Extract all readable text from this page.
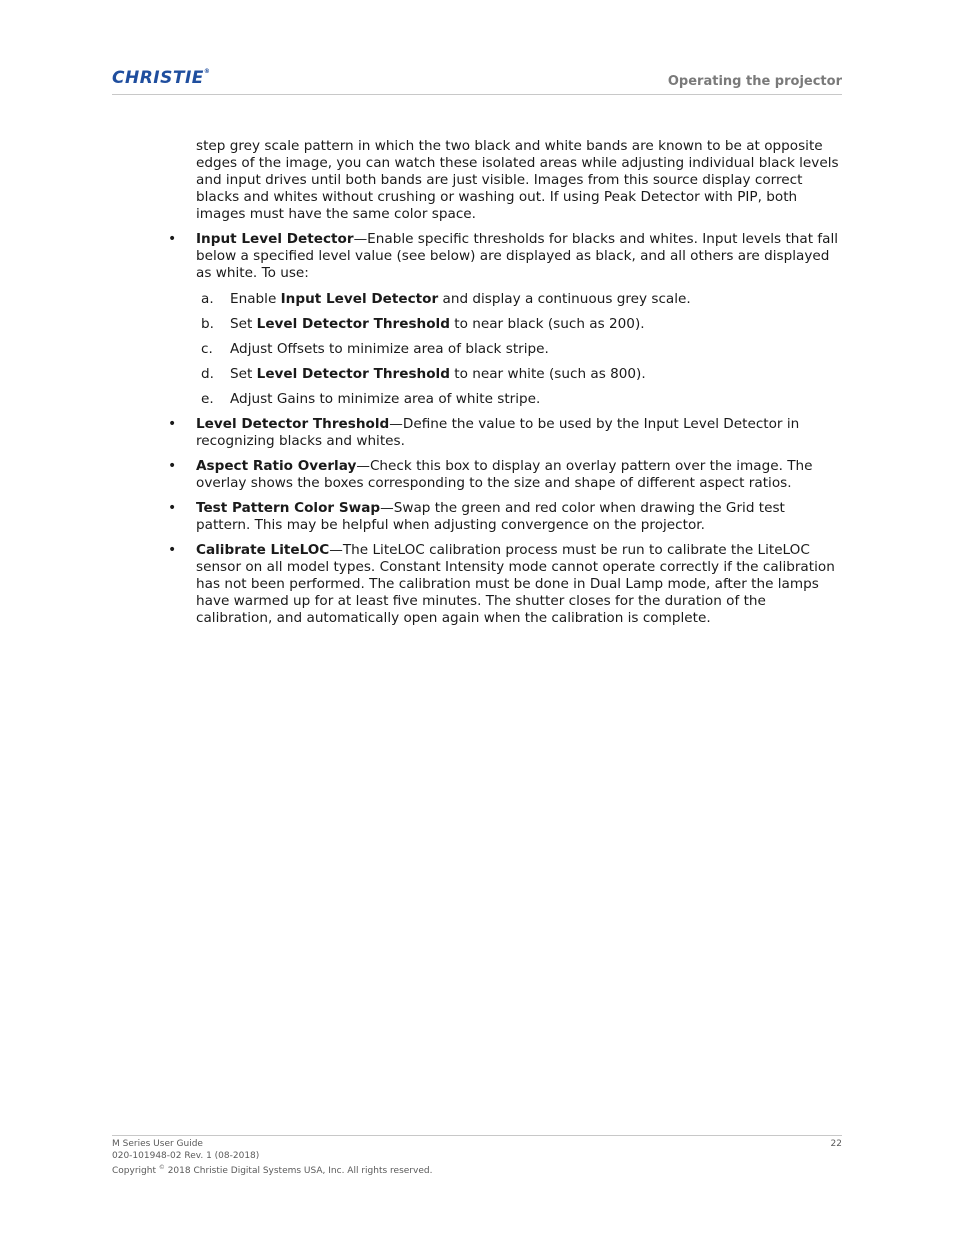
CHRISTIE®
Operating the projector

step grey scale pattern in which the two black and white bands are known to be at opposite edges of the image, you can watch these isolated areas while adjusting individual black levels and input drives until both bands are just visible. Images from this source display correct blacks and whites without crushing or washing out. If using Peak Detector with PIP, both images must have the same color space.

• Input Level Detector—Enable specific thresholds for blacks and whites. Input levels that fall below a specified level value (see below) are displayed as black, and all others are displayed as white. To use:
a. Enable Input Level Detector and display a continuous grey scale.
b. Set Level Detector Threshold to near black (such as 200).
c. Adjust Offsets to minimize area of black stripe.
d. Set Level Detector Threshold to near white (such as 800).
e. Adjust Gains to minimize area of white stripe.
• Level Detector Threshold—Define the value to be used by the Input Level Detector in recognizing blacks and whites.
• Aspect Ratio Overlay—Check this box to display an overlay pattern over the image. The overlay shows the boxes corresponding to the size and shape of different aspect ratios.
• Test Pattern Color Swap—Swap the green and red color when drawing the Grid test pattern. This may be helpful when adjusting convergence on the projector.
• Calibrate LiteLOC—The LiteLOC calibration process must be run to calibrate the LiteLOC sensor on all model types. Constant Intensity mode cannot operate correctly if the calibration has not been performed. The calibration must be done in Dual Lamp mode, after the lamps have warmed up for at least five minutes. The shutter closes for the duration of the calibration, and automatically open again when the calibration is complete.
M Series User Guide
020-101948-02 Rev. 1 (08-2018)
Copyright © 2018 Christie Digital Systems USA, Inc. All rights reserved.
22
